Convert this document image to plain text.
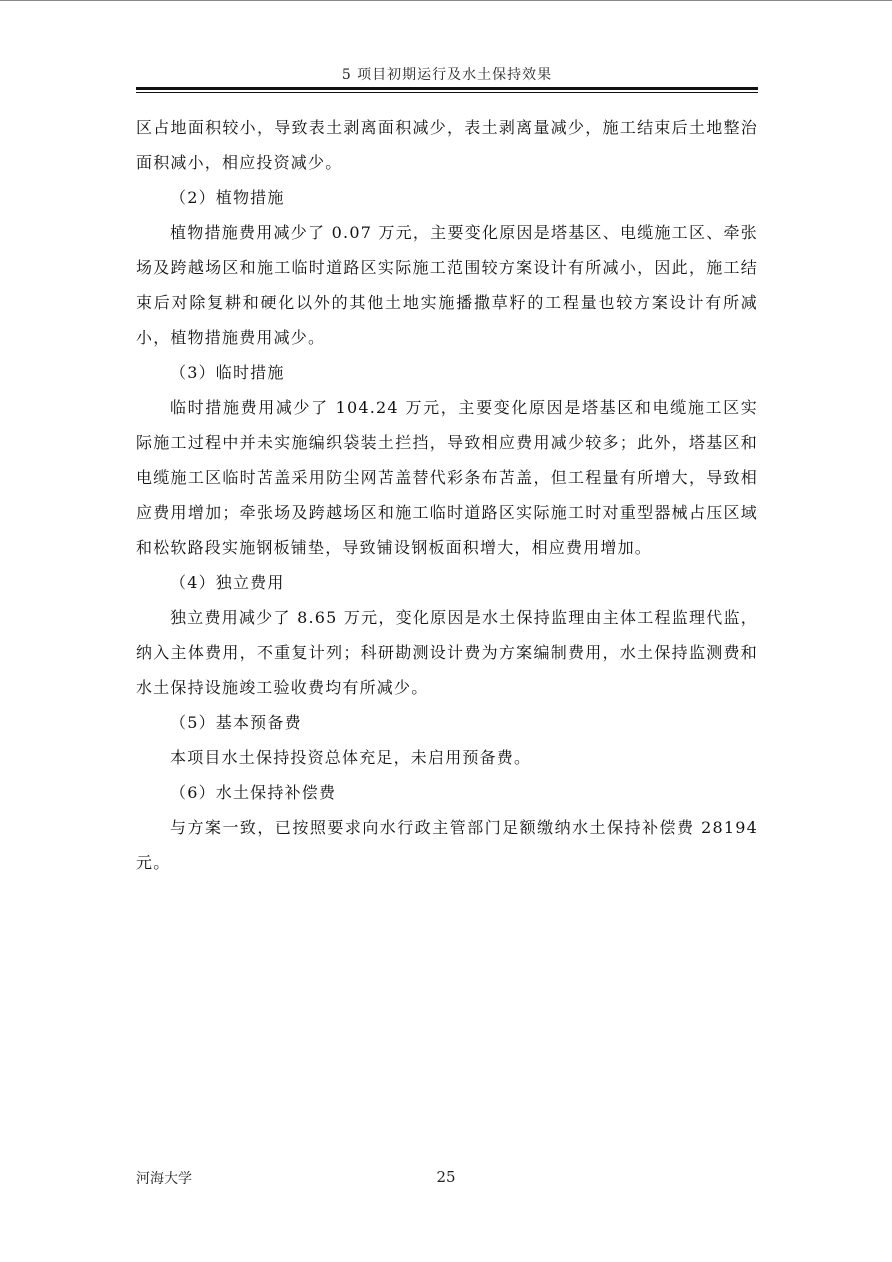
5 项目初期运行及水土保持效果

区占地面积较小，导致表土剥离面积减少，表土剥离量减少，施工结束后土地整治面积减小，相应投资减少。

（2）植物措施

植物措施费用减少了 0.07 万元，主要变化原因是塔基区、电缆施工区、牵张场及跨越场区和施工临时道路区实际施工范围较方案设计有所减小，因此，施工结束后对除复耕和硬化以外的其他土地实施播撒草籽的工程量也较方案设计有所减小，植物措施费用减少。

（3）临时措施

临时措施费用减少了 104.24 万元，主要变化原因是塔基区和电缆施工区实际施工过程中并未实施编织袋装土拦挡，导致相应费用减少较多；此外，塔基区和电缆施工区临时苫盖采用防尘网苫盖替代彩条布苫盖，但工程量有所增大，导致相应费用增加；牵张场及跨越场区和施工临时道路区实际施工时对重型器械占压区域和松软路段实施钢板铺垫，导致铺设钢板面积增大，相应费用增加。

（4）独立费用

独立费用减少了 8.65 万元，变化原因是水土保持监理由主体工程监理代监，纳入主体费用，不重复计列；科研勘测设计费为方案编制费用，水土保持监测费和水土保持设施竣工验收费均有所减少。

（5）基本预备费

本项目水土保持投资总体充足，未启用预备费。

（6）水土保持补偿费

与方案一致，已按照要求向水行政主管部门足额缴纳水土保持补偿费 28194 元。

河海大学	25
